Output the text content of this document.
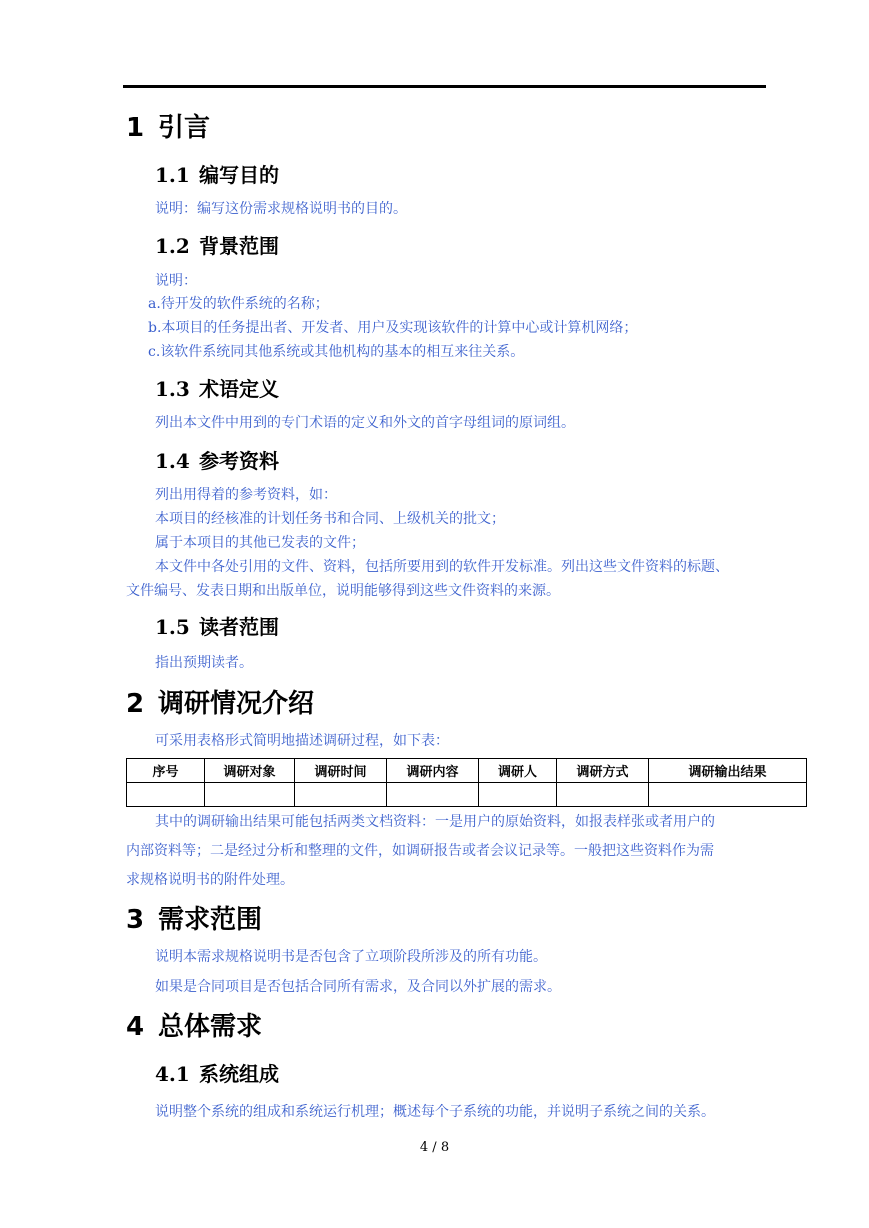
1 引言
1.1 编写目的
说明：编写这份需求规格说明书的目的。
1.2 背景范围
说明：
a.待开发的软件系统的名称；
b.本项目的任务提出者、开发者、用户及实现该软件的计算中心或计算机网络；
c.该软件系统同其他系统或其他机构的基本的相互来往关系。
1.3 术语定义
列出本文件中用到的专门术语的定义和外文的首字母组词的原词组。
1.4 参考资料
列出用得着的参考资料，如：
本项目的经核准的计划任务书和合同、上级机关的批文；
属于本项目的其他已发表的文件；
本文件中各处引用的文件、资料，包括所要用到的软件开发标准。列出这些文件资料的标题、
文件编号、发表日期和出版单位，说明能够得到这些文件资料的来源。
1.5 读者范围
指出预期读者。
2 调研情况介绍
可采用表格形式简明地描述调研过程，如下表：
序号	调研对象	调研时间	调研内容	调研人	调研方式	调研输出结果

其中的调研输出结果可能包括两类文档资料：一是用户的原始资料，如报表样张或者用户的
内部资料等；二是经过分析和整理的文件，如调研报告或者会议记录等。一般把这些资料作为需
求规格说明书的附件处理。
3 需求范围
说明本需求规格说明书是否包含了立项阶段所涉及的所有功能。
如果是合同项目是否包括合同所有需求，及合同以外扩展的需求。
4 总体需求
4.1 系统组成
说明整个系统的组成和系统运行机理；概述每个子系统的功能，并说明子系统之间的关系。
4 / 8
